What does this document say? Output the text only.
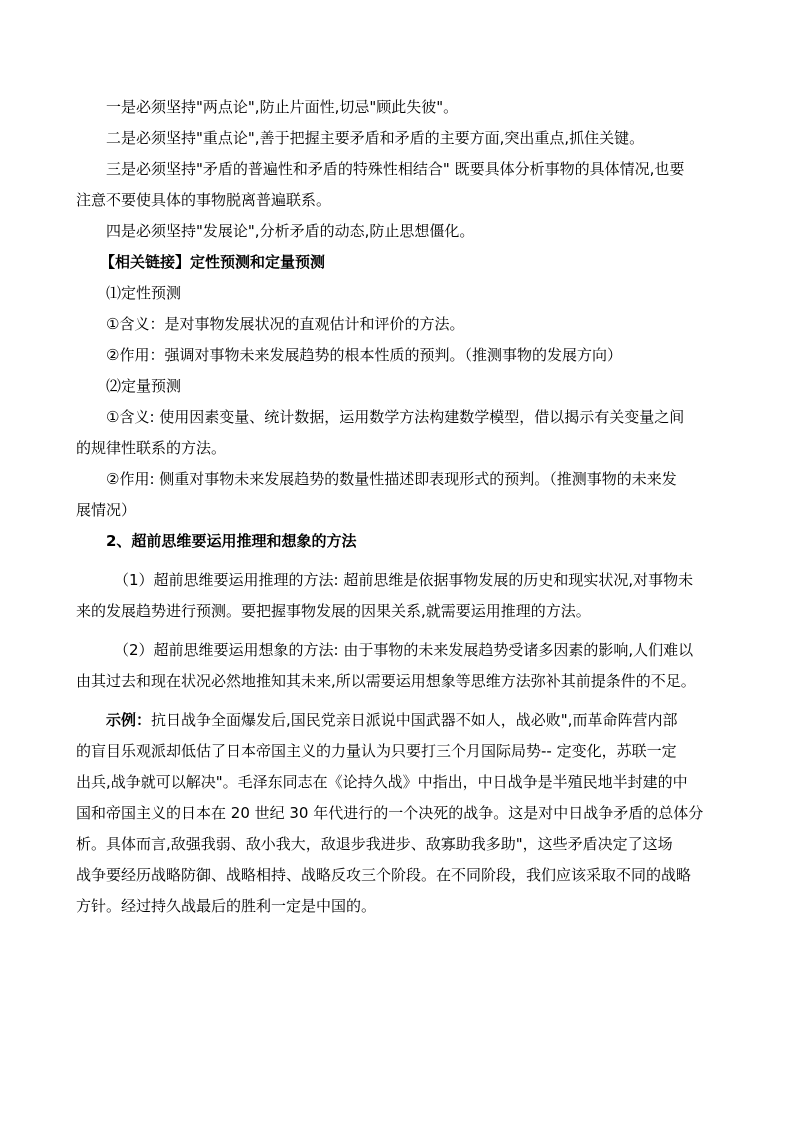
一是必须坚持"两点论",防止片面性,切忌"顾此失彼"。
二是必须坚持"重点论",善于把握主要矛盾和矛盾的主要方面,突出重点,抓住关键。
三是必须坚持"矛盾的普遍性和矛盾的特殊性相结合" 既要具体分析事物的具体情况,也要
注意不要使具体的事物脱离普遍联系。
四是必须坚持"发展论",分析矛盾的动态,防止思想僵化。
【相关链接】定性预测和定量预测
⑴定性预测
①含义：是对事物发展状况的直观估计和评价的方法。
②作用：强调对事物未来发展趋势的根本性质的预判。（推测事物的发展方向）
⑵定量预测
①含义: 使用因素变量、统计数据，运用数学方法构建数学模型，借以揭示有关变量之间
的规律性联系的方法。
②作用: 侧重对事物未来发展趋势的数量性描述即表现形式的预判。（推测事物的未来发
展情况）
2、超前思维要运用推理和想象的方法
（1）超前思维要运用推理的方法: 超前思维是依据事物发展的历史和现实状况,对事物未
来的发展趋势进行预测。要把握事物发展的因果关系,就需要运用推理的方法。
（2）超前思维要运用想象的方法: 由于事物的未来发展趋势受诸多因素的影响,人们难以
由其过去和现在状况必然地推知其未来,所以需要运用想象等思维方法弥补其前提条件的不足。
示例：抗日战争全面爆发后,国民党亲日派说中国武器不如人，战必败",而革命阵营内部
的盲目乐观派却低估了日本帝国主义的力量认为只要打三个月国际局势-- 定变化，苏联一定
出兵,战争就可以解决"。毛泽东同志在《论持久战》中指出，中日战争是半殖民地半封建的中
国和帝国主义的日本在 20 世纪 30 年代进行的一个决死的战争。这是对中日战争矛盾的总体分
析。具体而言,敌强我弱、敌小我大，敌退步我进步、敌寡助我多助"，这些矛盾决定了这场
战争要经历战略防御、战略相持、战略反攻三个阶段。在不同阶段，我们应该采取不同的战略
方针。经过持久战最后的胜利一定是中国的。
